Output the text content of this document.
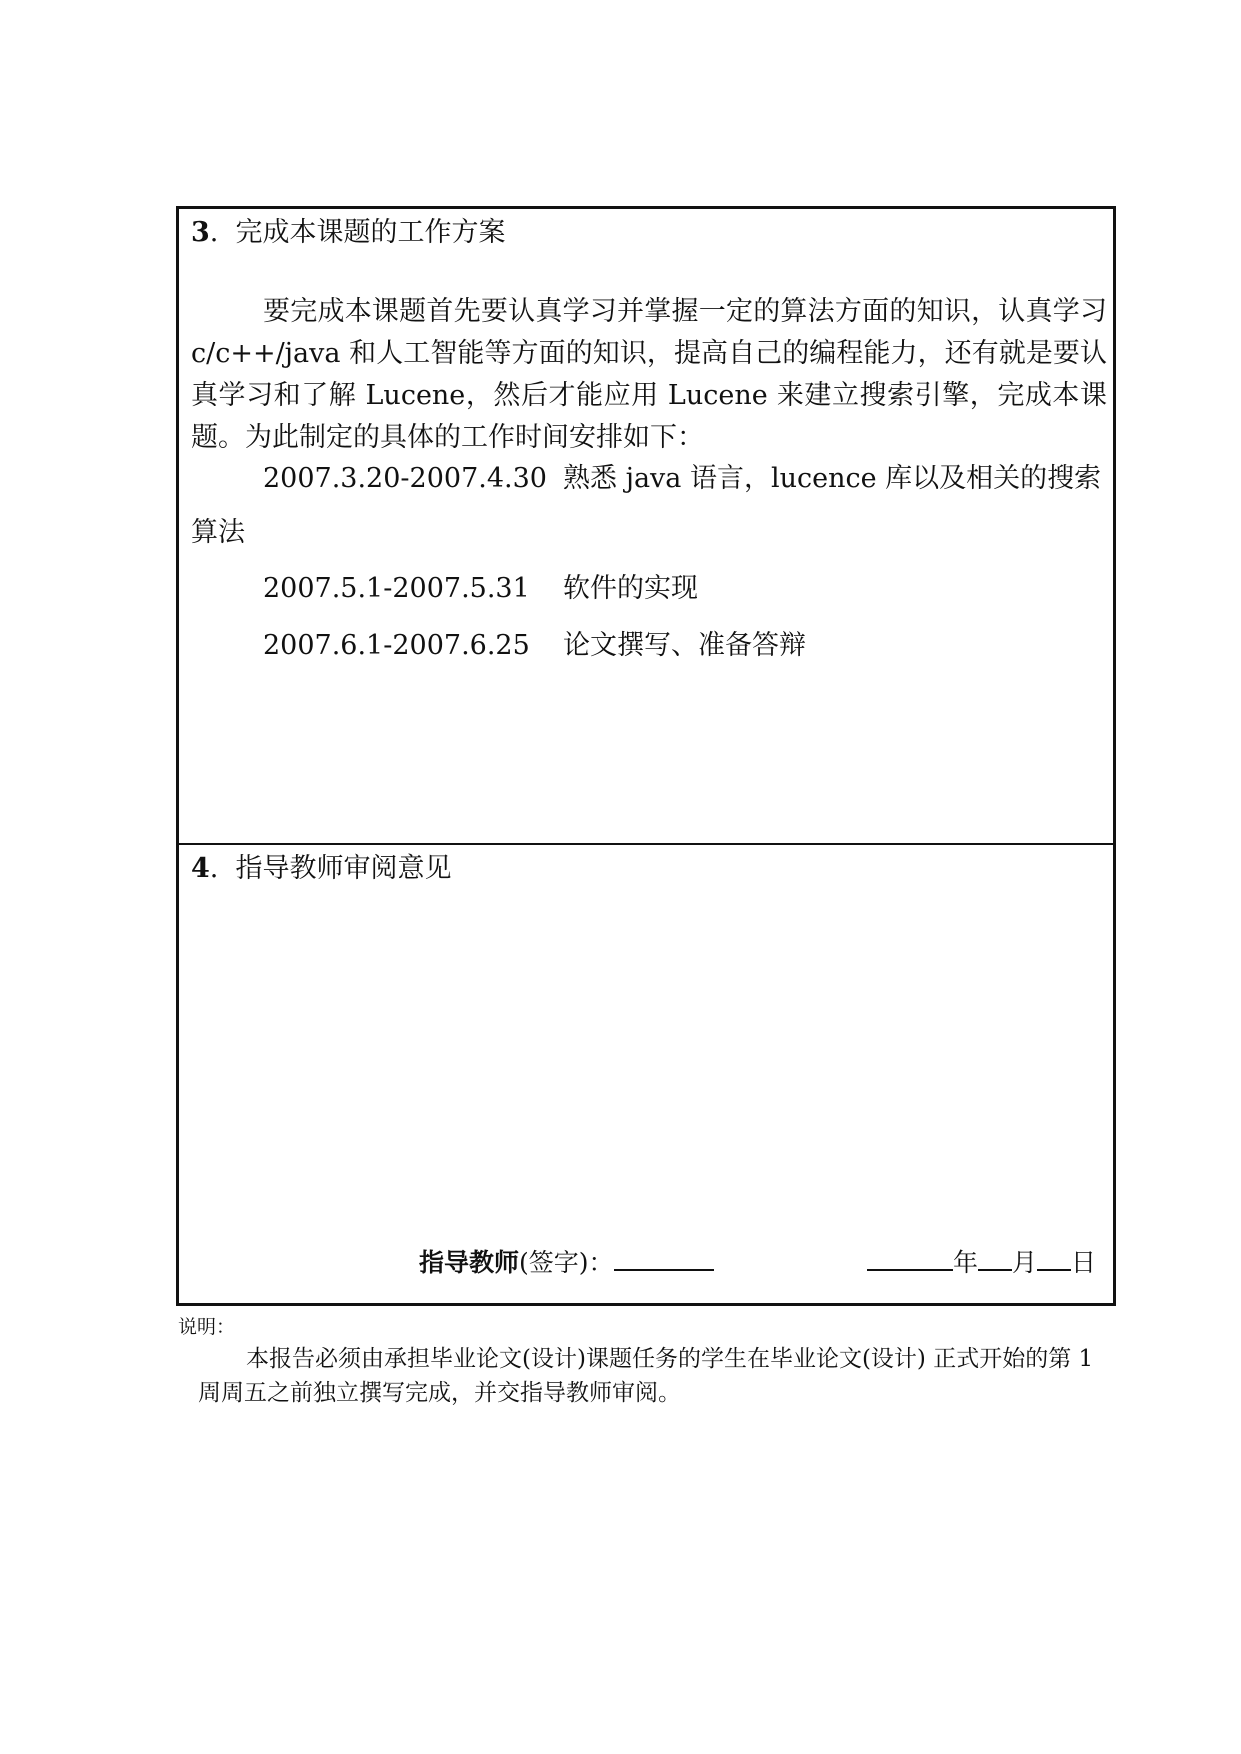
3.  完成本课题的工作方案
要完成本课题首先要认真学习并掌握一定的算法方面的知识，认真学习 c/c++/java 和人工智能等方面的知识，提高自己的编程能力，还有就是要认真学习和了解 Lucene，然后才能应用 Lucene 来建立搜索引擎，完成本课题。为此制定的具体的工作时间安排如下：
2007.3.20-2007.4.30 熟悉 java 语言，lucence 库以及相关的搜索
算法
2007.5.1-2007.5.31 软件的实现
2007.6.1-2007.6.25 论文撰写、准备答辩
4.  指导教师审阅意见
指导教师(签字)：	年 月 日
说明：
本报告必须由承担毕业论文(设计)课题任务的学生在毕业论文(设计) 正式开始的第 1 周周五之前独立撰写完成，并交指导教师审阅。
